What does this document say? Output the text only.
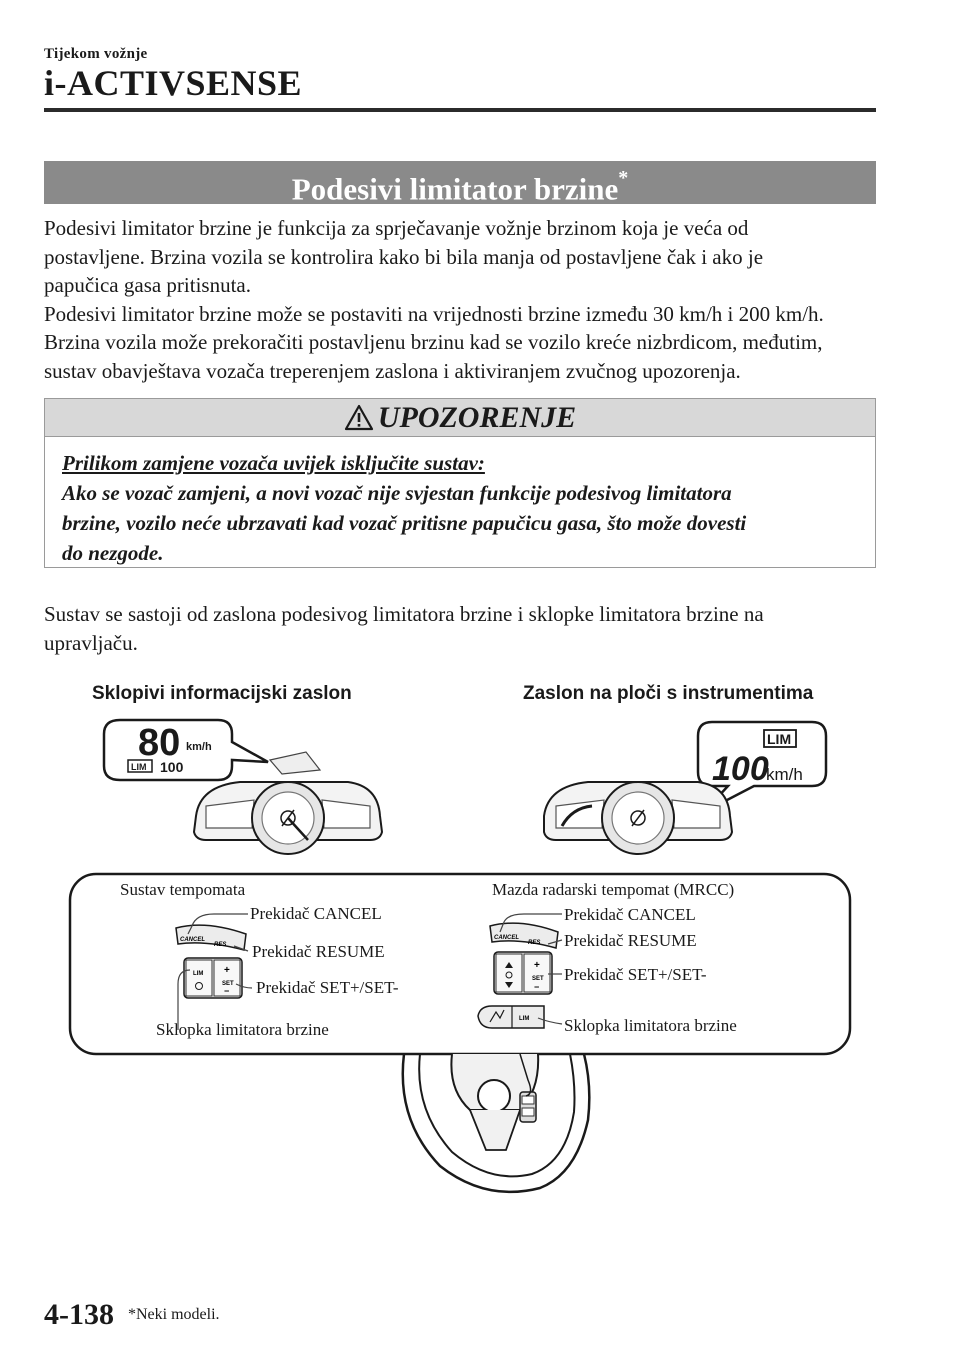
Tijekom vožnje
i-ACTIVSENSE
Podesivi limitator brzine*

Podesivi limitator brzine je funkcija za sprječavanje vožnje brzinom koja je veća od

postavljene. Brzina vozila se kontrolira kako bi bila manja od postavljene čak i ako je

papučica gasa pritisnuta.

Podesivi limitator brzine može se postaviti na vrijednosti brzine između 30 km/h i 200 km/h.

Brzina vozila može prekoračiti postavljenu brzinu kad se vozilo kreće nizbrdicom, međutim,

sustav obavještava vozača treperenjem zaslona i aktiviranjem zvučnog upozorenja.

UPOZORENJE
Prilikom zamjene vozača uvijek isključite sustav:
Ako se vozač zamjeni, a novi vozač nije svjestan funkcije podesivog limitatora
brzine, vozilo neće ubrzavati kad vozač pritisne papučicu gasa, što može dovesti
do nezgode.

Sustav se sastoji od zaslona podesivog limitatora brzine i sklopke limitatora brzine na

upravljaču.

Sklopivi informacijski zaslon	Zaslon na ploči s instrumentima
80 km/h
LIM 100
LIM
100
km/h
CANCEL
RES
LIM +
SET
−
CANCEL
RES
+
SET
−
LIM
Sustav tempomata
Prekidač CANCEL
Prekidač RESUME
Prekidač SET+/SET-
Sklopka limitatora brzine
Mazda radarski tempomat (MRCC)
Prekidač CANCEL
Prekidač RESUME
Prekidač SET+/SET-
Sklopka limitatora brzine
4-138 *Neki modeli.
